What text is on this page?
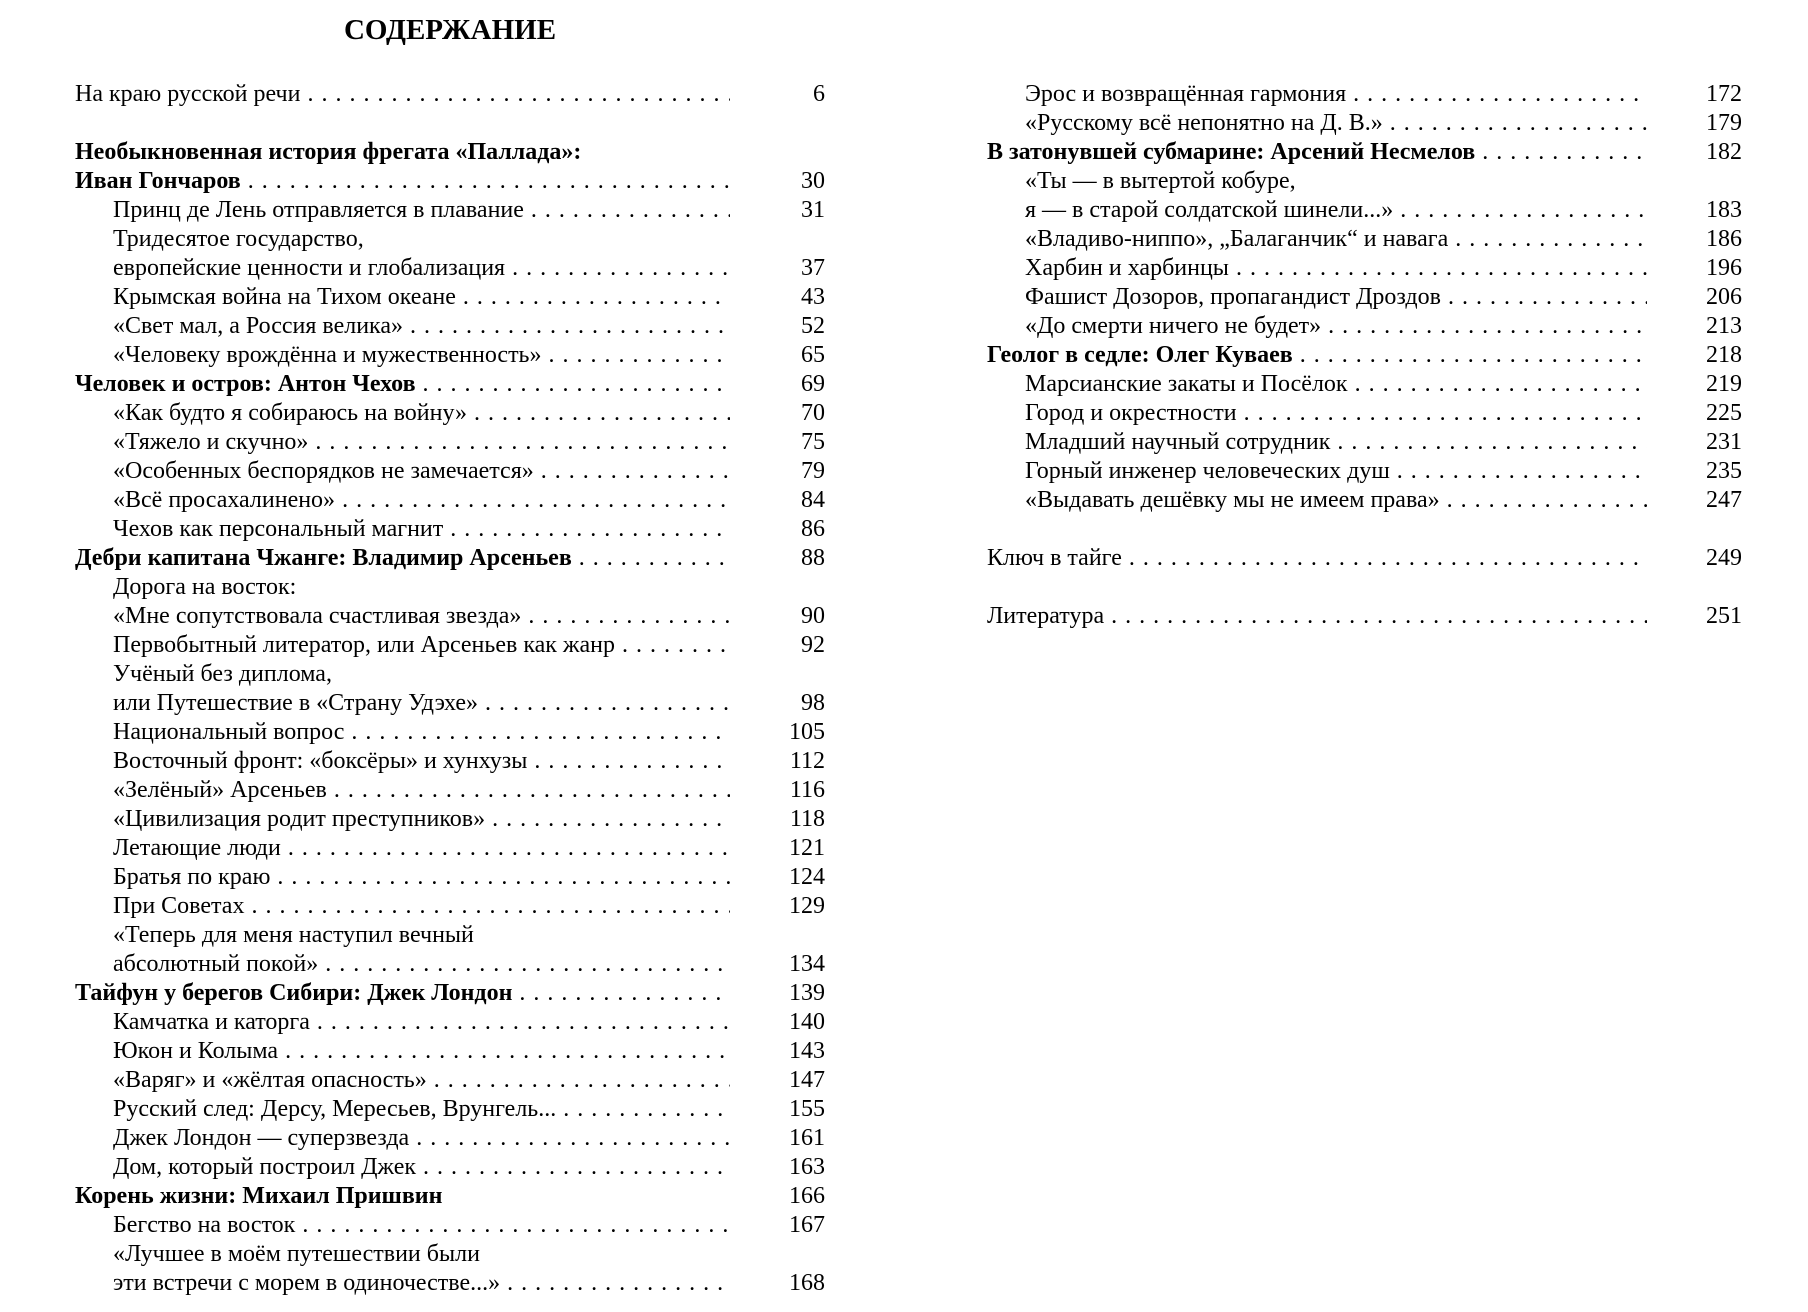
СОДЕРЖАНИЕ
На краю русской речи . . .	6
Необыкновенная история фрегата «Паллада»:
Иван Гончаров . . .	30
Принц де Лень отправляется в плавание . . .	31
Тридесятое государство,
европейские ценности и глобализация . . .	37
Крымская война на Тихом океане . . .	43
«Свет мал, а Россия велика» . . .	52
«Человеку врождённа и мужественность» . . .	65
Человек и остров: Антон Чехов . . .	69
«Как будто я собираюсь на войну» . . .	70
«Тяжело и скучно» . . .	75
«Особенных беспорядков не замечается» . . .	79
«Всё просахалинено» . . .	84
Чехов как персональный магнит . . .	86
Дебри капитана Чжанге: Владимир Арсеньев . . .	88
Дорога на восток:
«Мне сопутствовала счастливая звезда» . . .	90
Первобытный литератор, или Арсеньев как жанр . . .	92
Учёный без диплома,
или Путешествие в «Страну Удэхе» . . .	98
Национальный вопрос . . .	105
Восточный фронт: «боксёры» и хунхузы . . .	112
«Зелёный» Арсеньев . . .	116
«Цивилизация родит преступников» . . .	118
Летающие люди . . .	121
Братья по краю . . .	124
При Советах . . .	129
«Теперь для меня наступил вечный
абсолютный покой» . . .	134
Тайфун у берегов Сибири: Джек Лондон . . .	139
Камчатка и каторга . . .	140
Юкон и Колыма . . .	143
«Варяг» и «жёлтая опасность» . . .	147
Русский след: Дерсу, Мересьев, Врунгель... . . .	155
Джек Лондон — суперзвезда . . .	161
Дом, который построил Джек . . .	163
Корень жизни: Михаил Пришвин	166
Бегство на восток . . .	167
«Лучшее в моём путешествии были
эти встречи с морем в одиночестве...» . . .	168
Эрос и возвращённая гармония . . .	172
«Русскому всё непонятно на Д. В.» . . .	179
В затонувшей субмарине: Арсений Несмелов . . .	182
«Ты — в вытертой кобуре,
я — в старой солдатской шинели...» . . .	183
«Владиво-ниппо», „Балаганчик“ и навага . . .	186
Харбин и харбинцы . . .	196
Фашист Дозоров, пропагандист Дроздов . . .	206
«До смерти ничего не будет» . . .	213
Геолог в седле: Олег Куваев . . .	218
Марсианские закаты и Посёлок . . .	219
Город и окрестности . . .	225
Младший научный сотрудник . . .	231
Горный инженер человеческих душ . . .	235
«Выдавать дешёвку мы не имеем права» . . .	247
Ключ в тайге . . .	249
Литература . . .	251
